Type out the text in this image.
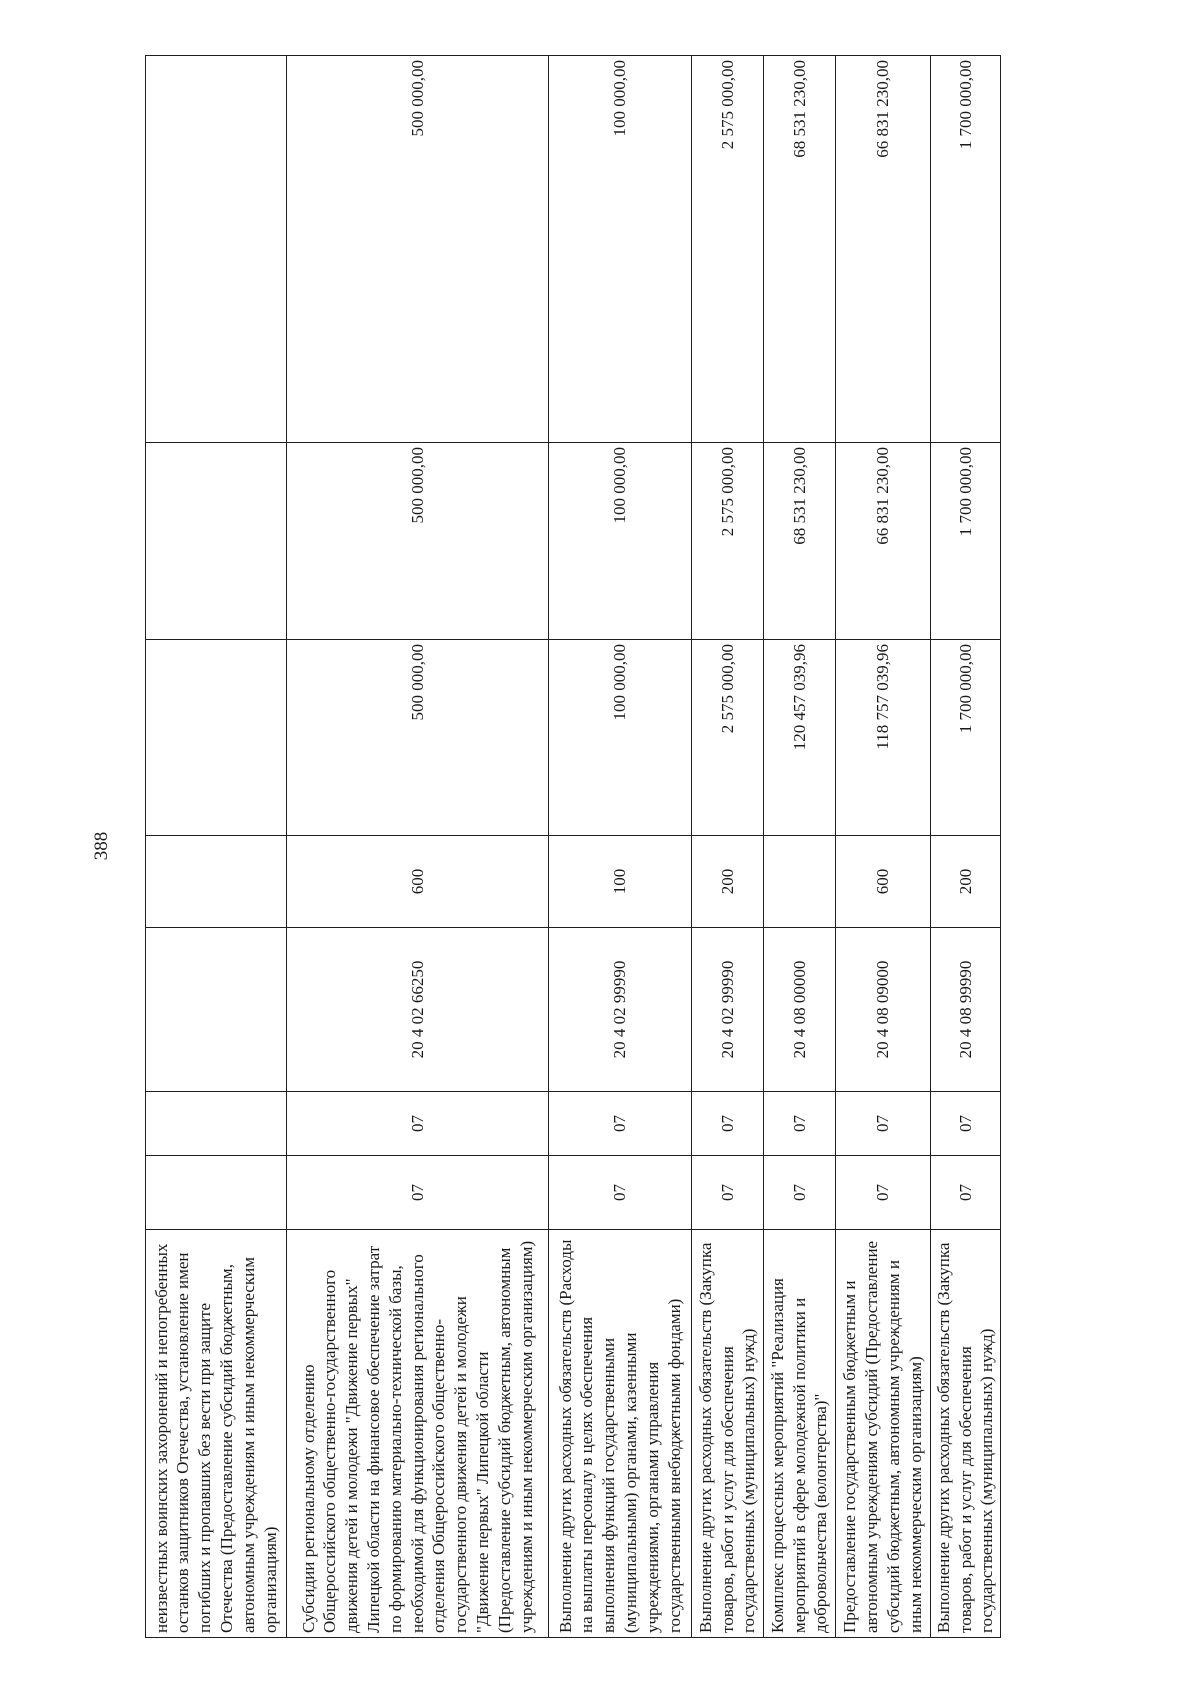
388
неизвестных воинских захоронений и непогребенных останков защитников Отечества, установление имен погибших и пропавших без вести при защите Отечества (Предоставление субсидий бюджетным, автономным учреждениям и иным некоммерческим организациям)							
Субсидии региональному отделению Общероссийского общественно-государственного движения детей и молодежи "Движение первых" Липецкой области на финансовое обеспечение затрат по формированию материально-технической базы, необходимой для функционирования регионального отделения Общероссийского общественно-государственного движения детей и молодежи "Движение первых" Липецкой области (Предоставление субсидий бюджетным, автономным учреждениям и иным некоммерческим организациям)	07	07	20 4 02 66250	600	500 000,00	500 000,00	500 000,00
Выполнение других расходных обязательств (Расходы на выплаты персоналу в целях обеспечения выполнения функций государственными (муниципальными) органами, казенными учреждениями, органами управления государственными внебюджетными фондами)	07	07	20 4 02 99990	100	100 000,00	100 000,00	100 000,00
Выполнение других расходных обязательств (Закупка товаров, работ и услуг для обеспечения государственных (муниципальных) нужд)	07	07	20 4 02 99990	200	2 575 000,00	2 575 000,00	2 575 000,00
Комплекс процессных мероприятий "Реализация мероприятий в сфере молодежной политики и добровольчества (волонтерства)"	07	07	20 4 08 00000		120 457 039,96	68 531 230,00	68 531 230,00
Предоставление государственным бюджетным и автономным учреждениям субсидий (Предоставление субсидий бюджетным, автономным учреждениям и иным некоммерческим организациям)	07	07	20 4 08 09000	600	118 757 039,96	66 831 230,00	66 831 230,00
Выполнение других расходных обязательств (Закупка товаров, работ и услуг для обеспечения государственных (муниципальных) нужд)	07	07	20 4 08 99990	200	1 700 000,00	1 700 000,00	1 700 000,00
